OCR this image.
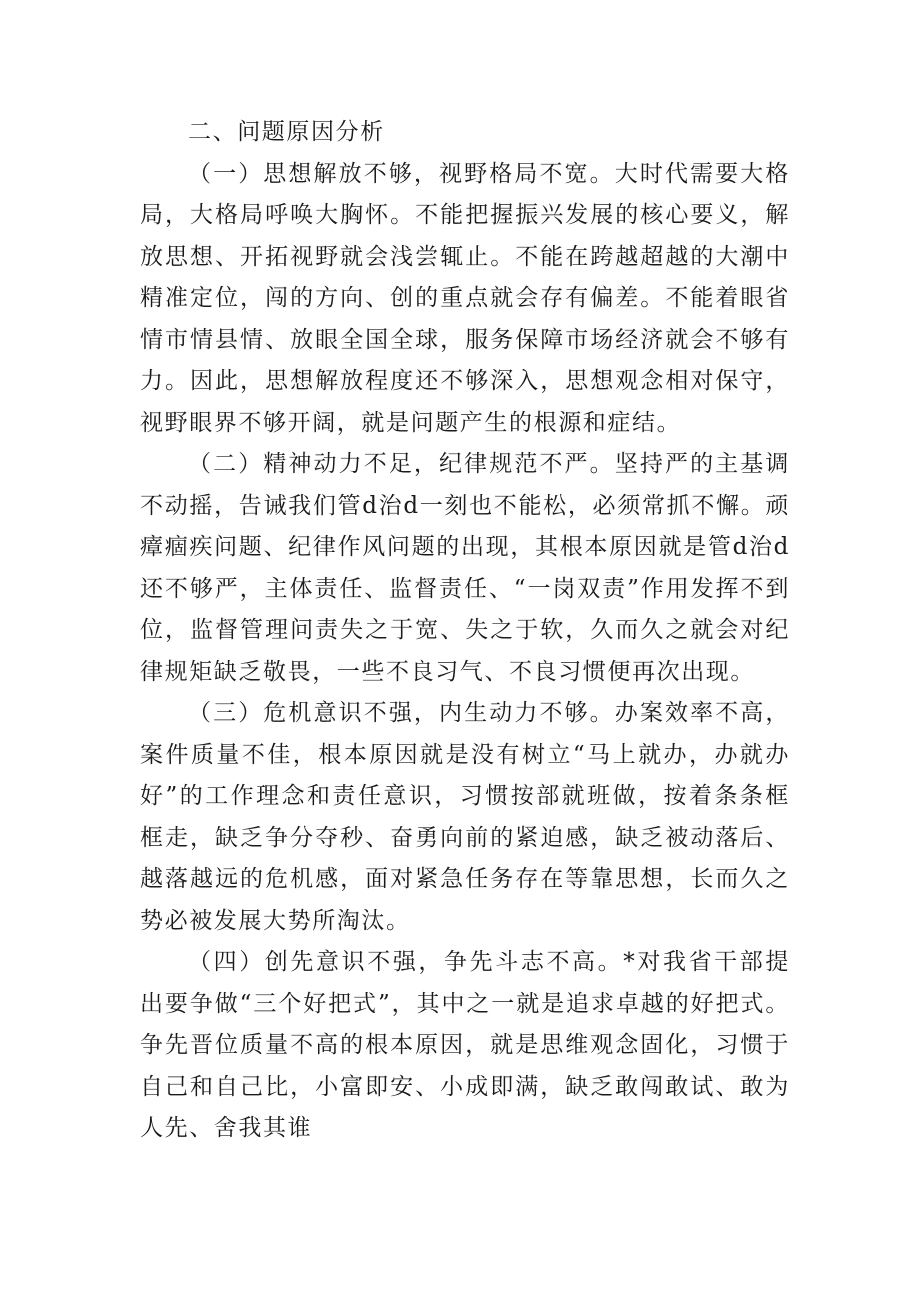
二、问题原因分析

（一）思想解放不够，视野格局不宽。大时代需要大格局，大格局呼唤大胸怀。不能把握振兴发展的核心要义，解放思想、开拓视野就会浅尝辄止。不能在跨越超越的大潮中精准定位，闯的方向、创的重点就会存有偏差。不能着眼省情市情县情、放眼全国全球，服务保障市场经济就会不够有力。因此，思想解放程度还不够深入，思想观念相对保守，视野眼界不够开阔，就是问题产生的根源和症结。

（二）精神动力不足，纪律规范不严。坚持严的主基调不动摇，告诫我们管d治d一刻也不能松，必须常抓不懈。顽瘴痼疾问题、纪律作风问题的出现，其根本原因就是管d治d还不够严，主体责任、监督责任、“一岗双责”作用发挥不到位，监督管理问责失之于宽、失之于软，久而久之就会对纪律规矩缺乏敬畏，一些不良习气、不良习惯便再次出现。

（三）危机意识不强，内生动力不够。办案效率不高，案件质量不佳，根本原因就是没有树立“马上就办，办就办好”的工作理念和责任意识，习惯按部就班做，按着条条框框走，缺乏争分夺秒、奋勇向前的紧迫感，缺乏被动落后、越落越远的危机感，面对紧急任务存在等靠思想，长而久之势必被发展大势所淘汰。

（四）创先意识不强，争先斗志不高。*对我省干部提出要争做“三个好把式”，其中之一就是追求卓越的好把式。争先晋位质量不高的根本原因，就是思维观念固化，习惯于自己和自己比，小富即安、小成即满，缺乏敢闯敢试、敢为人先、舍我其谁
